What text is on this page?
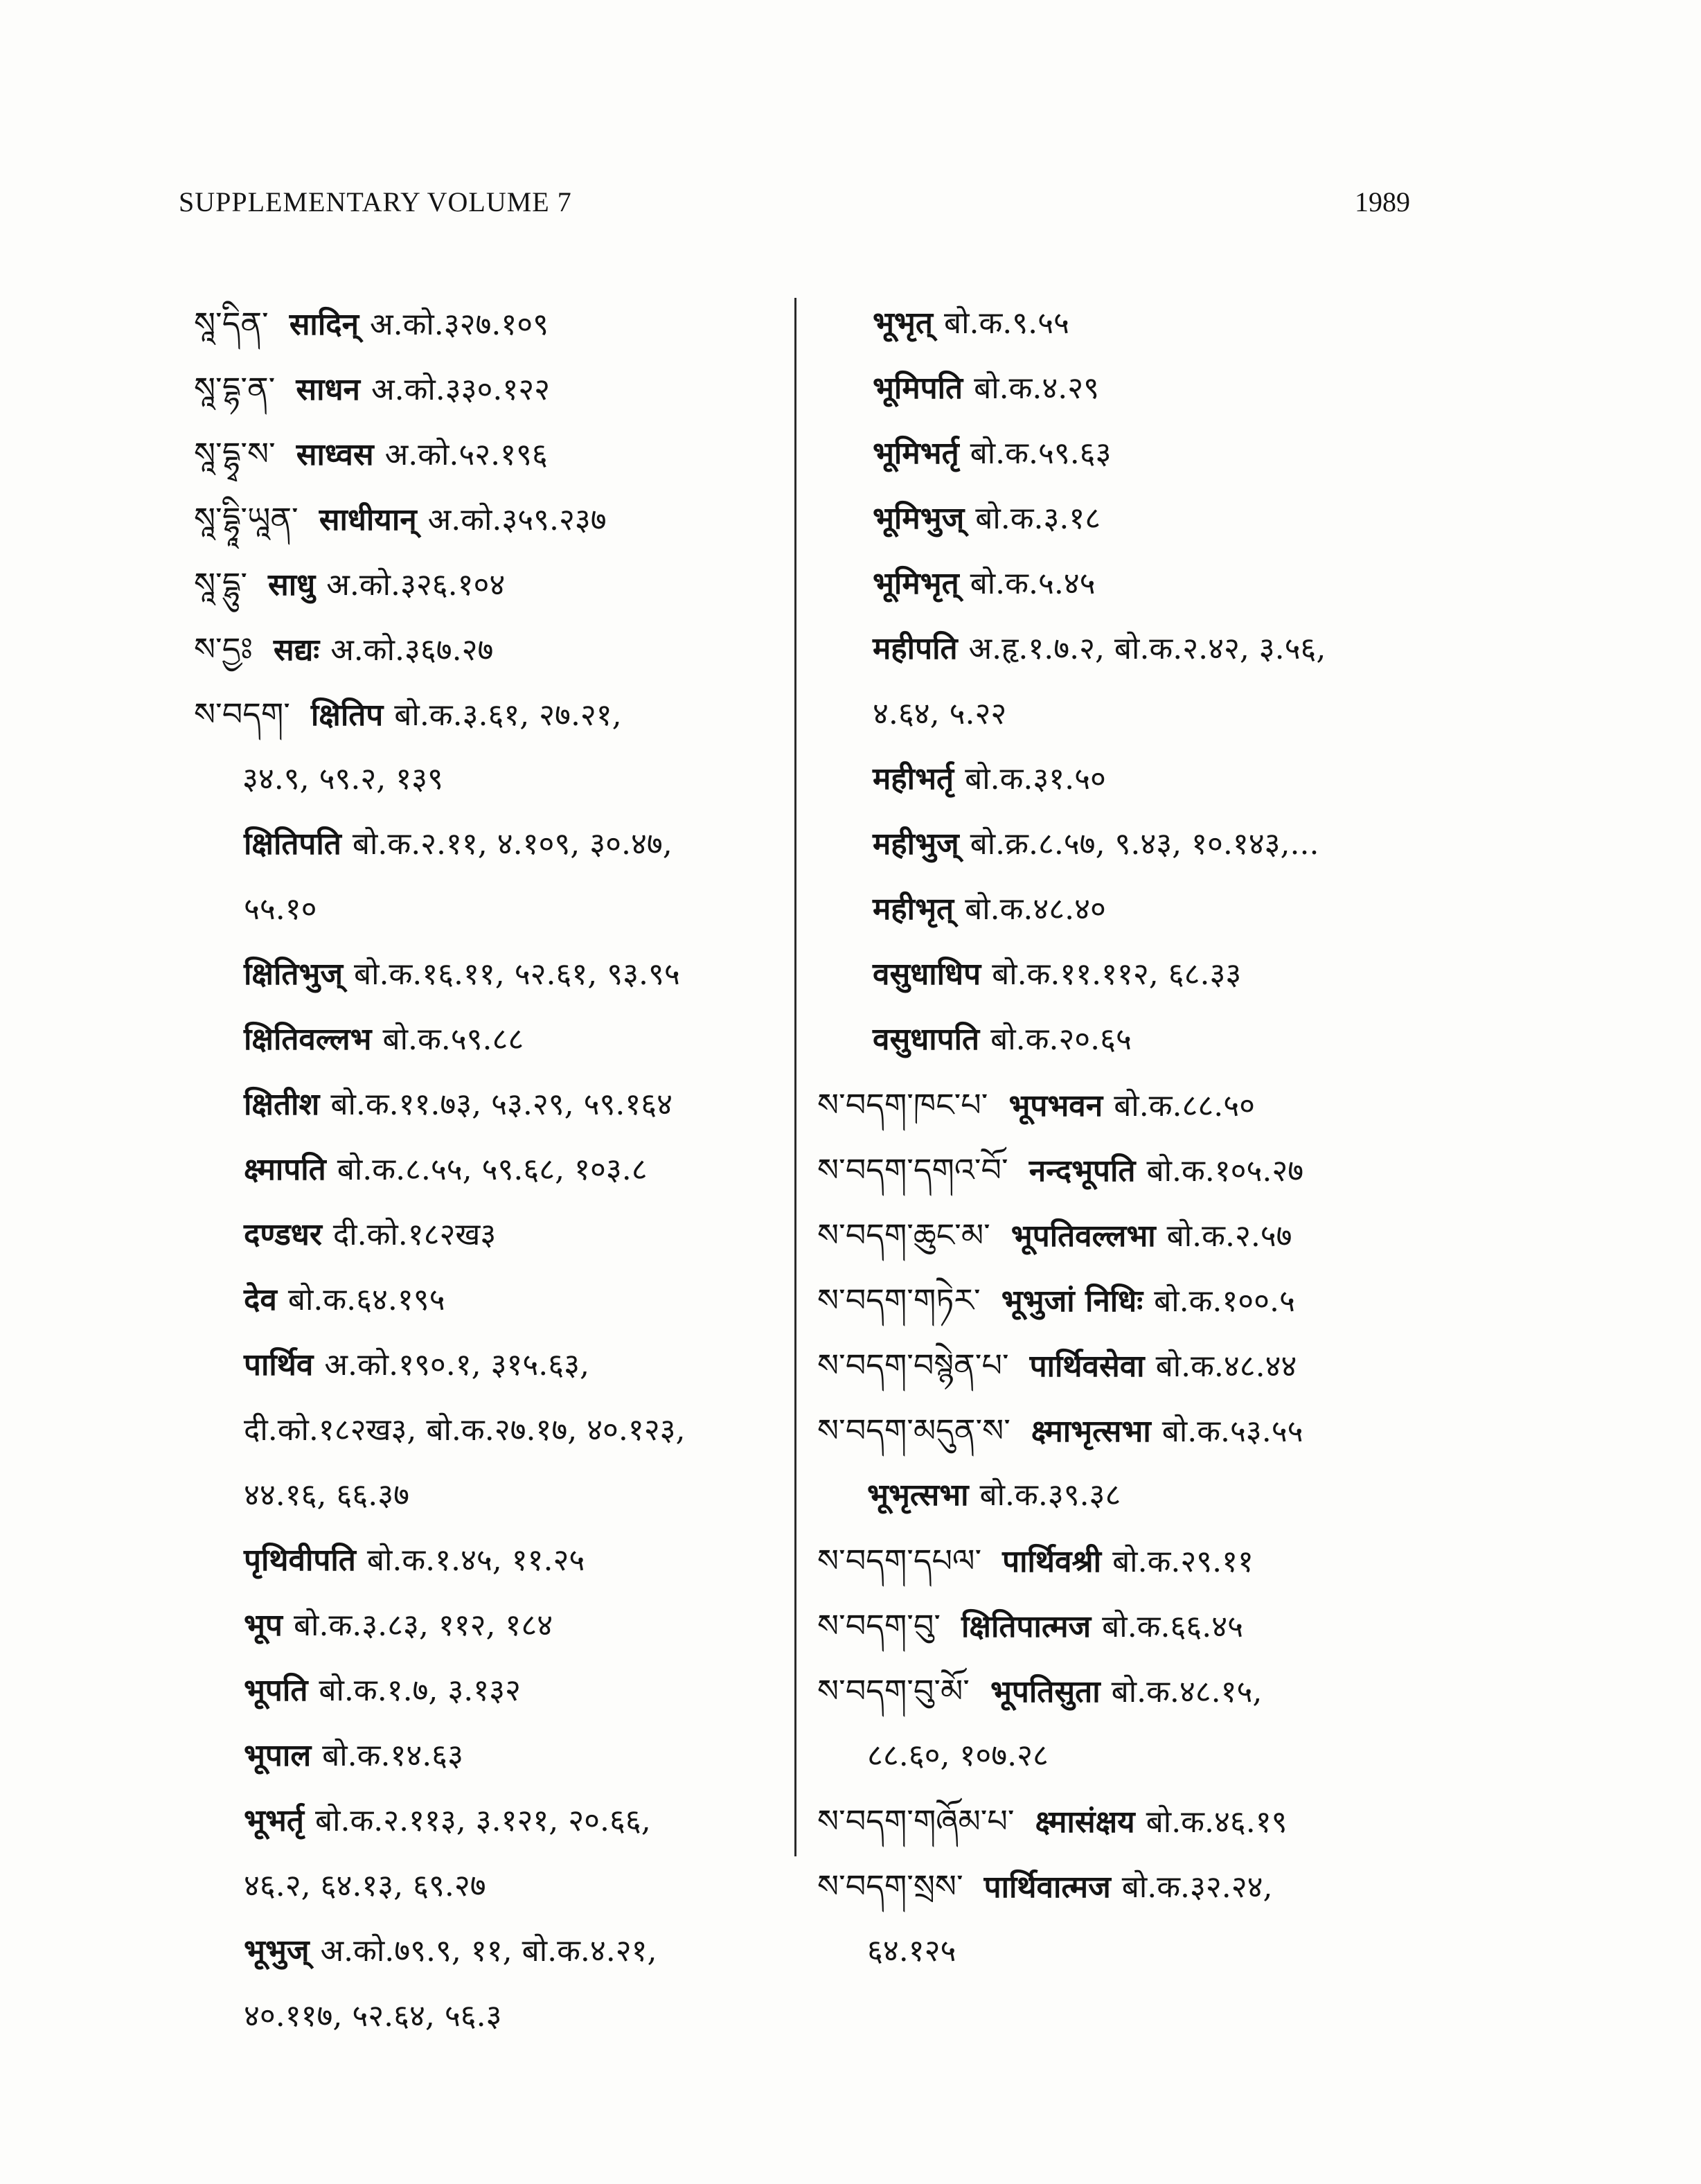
SUPPLEMENTARY VOLUME 7	1989
སཱ་དིན་ सादिन् अ.को.३२७.१०९
སཱ་དྷ་ན་ साधन अ.को.३३०.१२२
སཱ་དྷྭ་ས་ साध्वस अ.को.५२.१९६
སཱ་དྷཱི་ཡཱན་ साधीयान् अ.को.३५९.२३७
སཱ་དྷུ་ साधु अ.को.३२६.१०४
ས་དྱཿ सद्यः अ.को.३६७.२७
ས་བདག་ क्षितिप बो.क.३.६१, २७.२१,
३४.९, ५९.२, १३९
क्षितिपति बो.क.२.११, ४.१०९, ३०.४७,
५५.१०
क्षितिभुज् बो.क.१६.११, ५२.६१, ९३.९५
क्षितिवल्लभ बो.क.५९.८८
क्षितीश बो.क.११.७३, ५३.२९, ५९.१६४
क्ष्मापति बो.क.८.५५, ५९.६८, १०३.८
दण्डधर दी.को.१८२ख३
देव बो.क.६४.१९५
पार्थिव अ.को.१९०.१, ३१५.६३,
दी.को.१८२ख३, बो.क.२७.१७, ४०.१२३,
४४.१६, ६६.३७
पृथिवीपति बो.क.१.४५, ११.२५
भूप बो.क.३.८३, ११२, १८४
भूपति बो.क.१.७, ३.१३२
भूपाल बो.क.१४.६३
भूभर्तृ बो.क.२.११३, ३.१२१, २०.६६,
४६.२, ६४.१३, ६९.२७
भूभुज् अ.को.७९.९, ११, बो.क.४.२१,
४०.११७, ५२.६४, ५६.३
भूभृत् बो.क.९.५५
भूमिपति बो.क.४.२९
भूमिभर्तृ बो.क.५९.६३
भूमिभुज् बो.क.३.१८
भूमिभृत् बो.क.५.४५
महीपति अ.हृ.१.७.२, बो.क.२.४२, ३.५६,
४.६४, ५.२२
महीभर्तृ बो.क.३१.५०
महीभुज् बो.क्र.८.५७, ९.४३, १०.१४३,...
महीभृत् बो.क.४८.४०
वसुधाधिप बो.क.११.११२, ६८.३३
वसुधापति बो.क.२०.६५
ས་བདག་ཁང་པ་ भूपभवन बो.क.८८.५०
ས་བདག་དགའ་བོ་ नन्दभूपति बो.क.१०५.२७
ས་བདག་ཆུང་མ་ भूपतिवल्लभा बो.क.२.५७
ས་བདག་གཏེར་ भूभुजां निधिः बो.क.१००.५
ས་བདག་བསྙེན་པ་ पार्थिवसेवा बो.क.४८.४४
ས་བདག་མདུན་ས་ क्ष्माभृत्सभा बो.क.५३.५५
भूभृत्सभा बो.क.३९.३८
ས་བདག་དཔལ་ पार्थिवश्री बो.क.२९.११
ས་བདག་བུ་ क्षितिपात्मज बो.क.६६.४५
ས་བདག་བུ་མོ་ भूपतिसुता बो.क.४८.१५,
८८.६०, १०७.२८
ས་བདག་གཞོམ་པ་ क्ष्मासंक्षय बो.क.४६.१९
ས་བདག་སྲས་ पार्थिवात्मज बो.क.३२.२४,
६४.१२५
